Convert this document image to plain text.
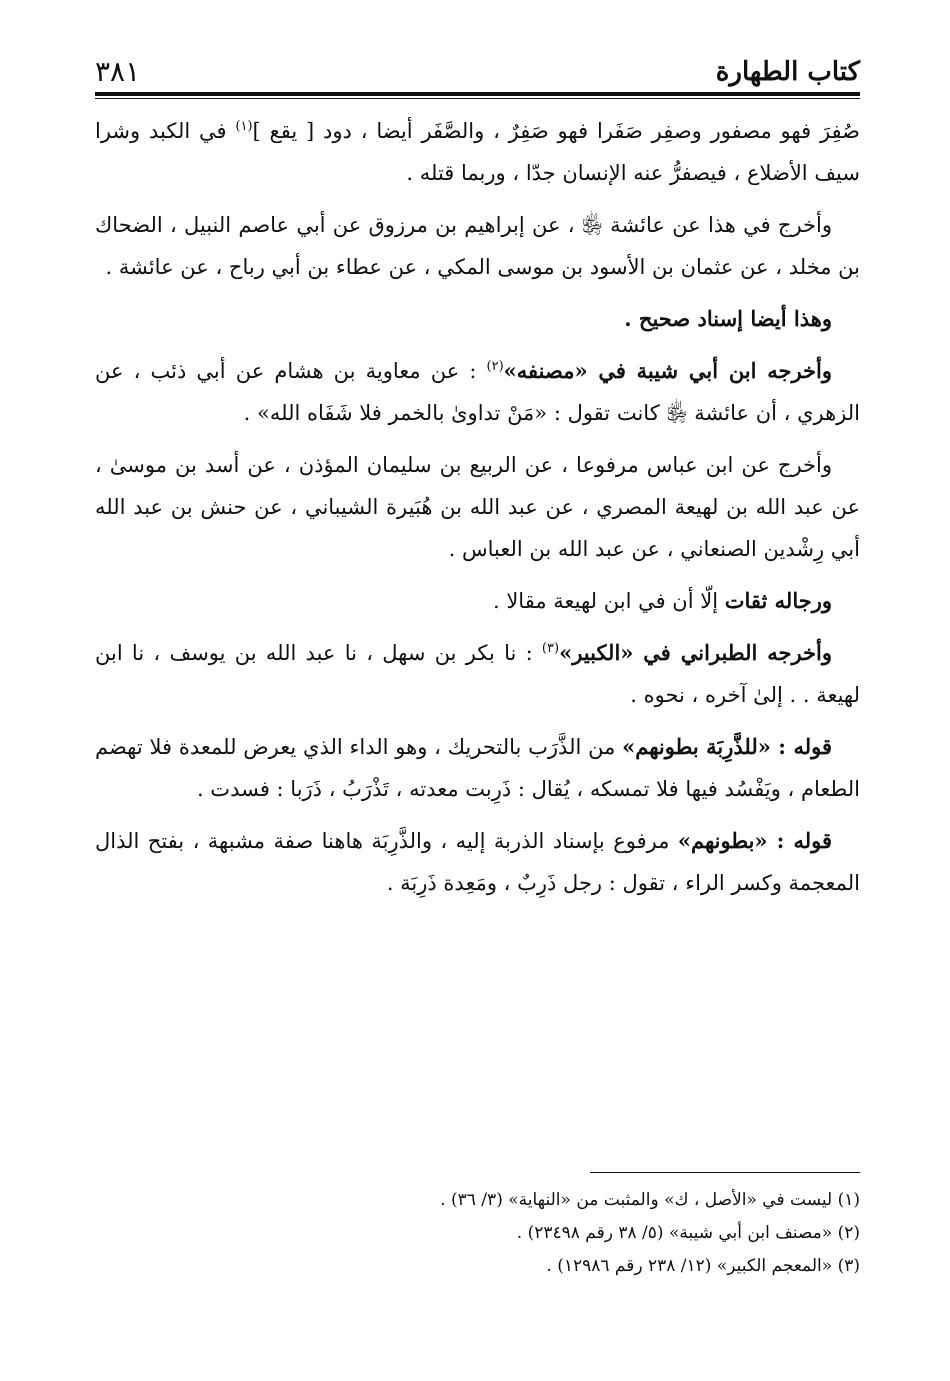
كتاب الطهارة
٣٨١

صُفِرَ فهو مصفور وصفِر صَفَرا فهو صَفِرٌ ، والصَّفَر أيضا ، دود [ يقع ]$^{(١)}$ في الكبد وشرا سيف الأضلاع ، فيصفرُّ عنه الإنسان جدّا ، وربما قتله .

وأخرج في هذا عن عائشة ﵂ ، عن إبراهيم بن مرزوق عن أبي عاصم النبيل ، الضحاك بن مخلد ، عن عثمان بن الأسود بن موسى المكي ، عن عطاء بن أبي رباح ، عن عائشة .

وهذا أيضا إسناد صحيح .

وأخرجه ابن أبي شيبة في «مصنفه»$^{(٢)}$ : عن معاوية بن هشام عن أبي ذئب ، عن الزهري ، أن عائشة ﵂ كانت تقول : «مَنْ تداوىٰ بالخمر فلا شَفَاه الله» .

وأخرج عن ابن عباس مرفوعا ، عن الربيع بن سليمان المؤذن ، عن أسد بن موسىٰ ، عن عبد الله بن لهيعة المصري ، عن عبد الله بن هُبَيرة الشيباني ، عن حنش بن عبد الله أبي رِشْدين الصنعاني ، عن عبد الله بن العباس .

ورجاله ثقات إلّا أن في ابن لهيعة مقالا .

وأخرجه الطبراني في «الكبير»$^{(٣)}$ : نا بكر بن سهل ، نا عبد الله بن يوسف ، نا ابن لهيعة . . إلىٰ آخره ، نحوه .

قوله : «للذَّرِبَة بطونهم» من الذَّرَب بالتحريك ، وهو الداء الذي يعرض للمعدة فلا تهضم الطعام ، ويَفْسُد فيها فلا تمسكه ، يُقال : ذَرِبت معدته ، تَذْرَبُ ، ذَرَبا : فسدت .

قوله : «بطونهم» مرفوع بإسناد الذربة إليه ، والذَّرِبَة هاهنا صفة مشبهة ، بفتح الذال المعجمة وكسر الراء ، تقول : رجل ذَرِبٌ ، ومَعِدة ذَرِبَة .

(١) ليست في «الأصل ، ك» والمثبت من «النهاية» (٣/ ٣٦) .

(٢) «مصنف ابن أبي شيبة» (٥/ ٣٨ رقم ٢٣٤٩٨) .

(٣) «المعجم الكبير» (١٢/ ٢٣٨ رقم ١٢٩٨٦) .
